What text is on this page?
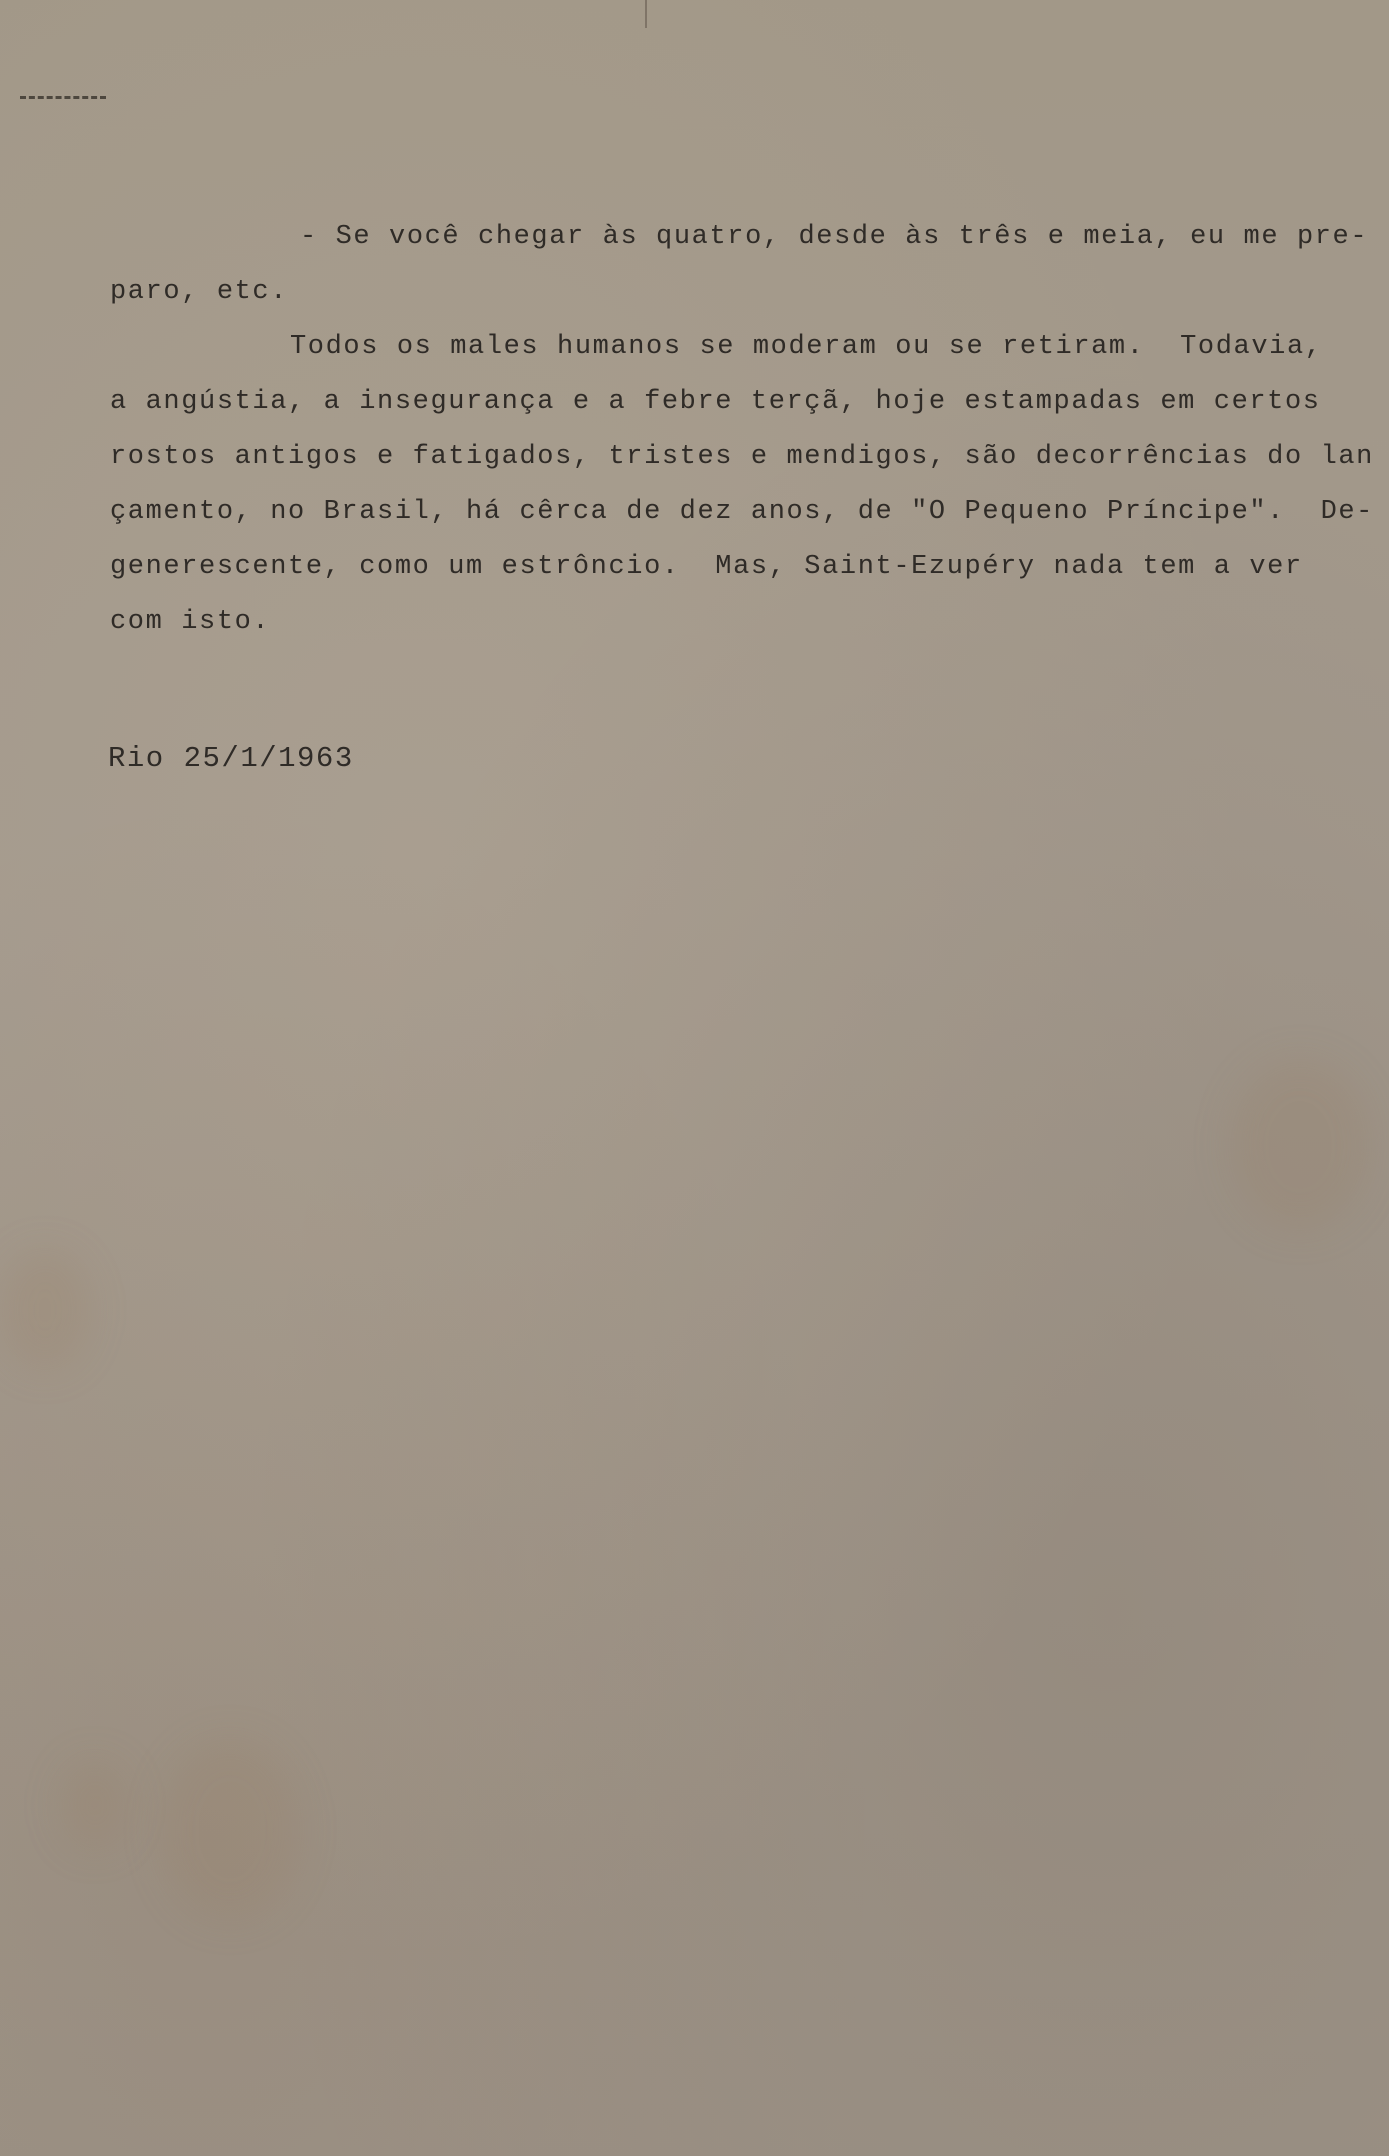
- Se você chegar às quatro, desde às três e meia, eu me pre-
paro, etc.
Todos os males humanos se moderam ou se retiram.  Todavia,
a angústia, a insegurança e a febre terçã, hoje estampadas em certos
rostos antigos e fatigados, tristes e mendigos, são decorrências do lan
çamento, no Brasil, há cêrca de dez anos, de "O Pequeno Príncipe".  De-
generescente, como um estrôncio.  Mas, Saint-Ezupéry nada tem a ver
com isto.
Rio 25/1/1963
